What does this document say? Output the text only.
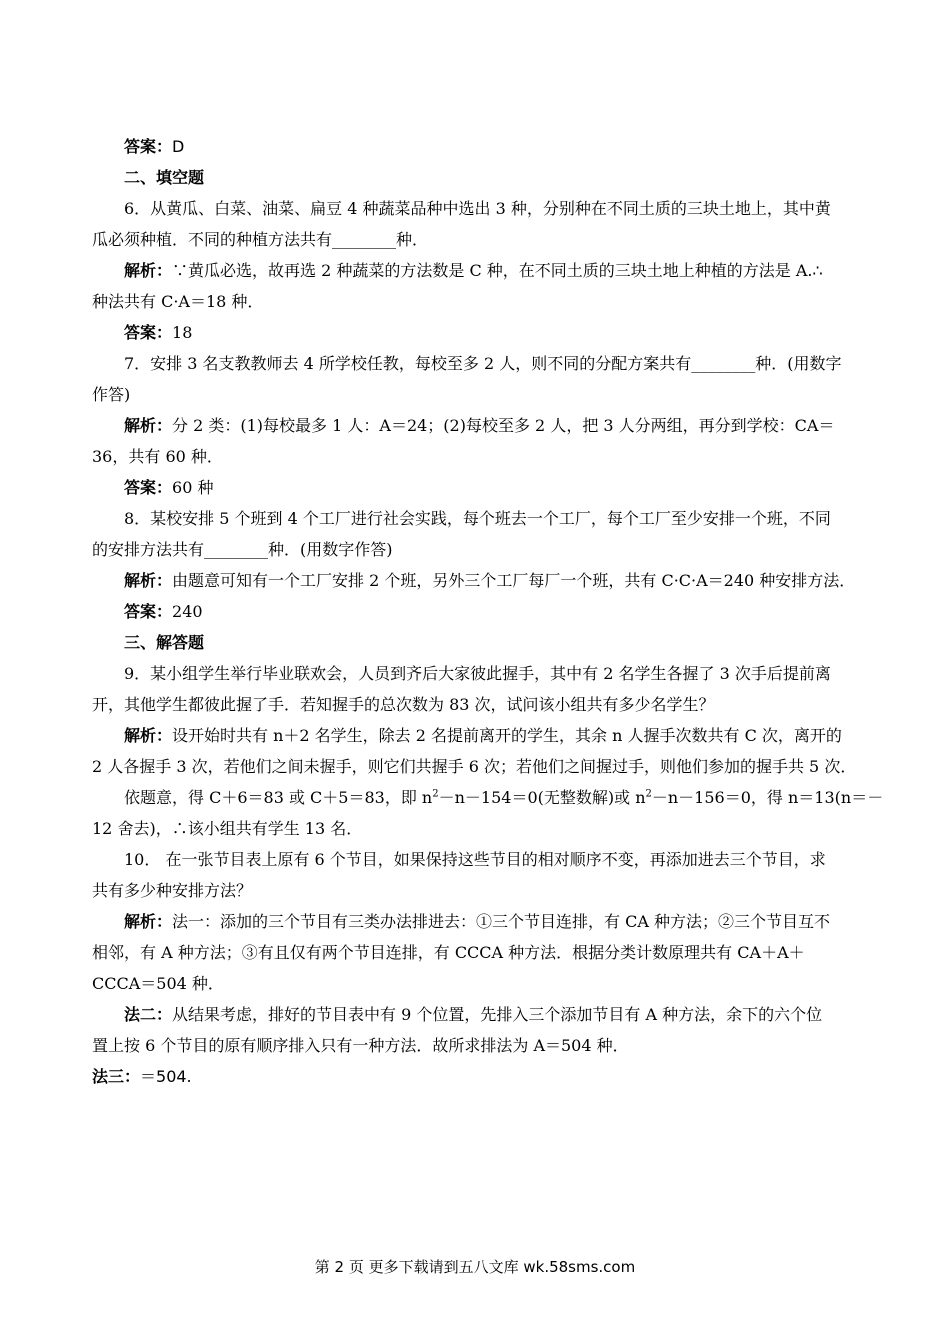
答案：D
二、填空题
6．从黄瓜、白菜、油菜、扁豆 4 种蔬菜品种中选出 3 种，分别种在不同土质的三块土地上，其中黄
瓜必须种植．不同的种植方法共有________种．
解析：∵黄瓜必选，故再选 2 种蔬菜的方法数是 C 种，在不同土质的三块土地上种植的方法是 A.∴
种法共有 C·A＝18 种．
答案：18
7．安排 3 名支教教师去 4 所学校任教，每校至多 2 人，则不同的分配方案共有________种．(用数字
作答)
解析：分 2 类：(1)每校最多 1 人：A＝24；(2)每校至多 2 人，把 3 人分两组，再分到学校：CA＝
36，共有 60 种．
答案：60 种
8．某校安排 5 个班到 4 个工厂进行社会实践，每个班去一个工厂，每个工厂至少安排一个班，不同
的安排方法共有________种．(用数字作答)
解析：由题意可知有一个工厂安排 2 个班，另外三个工厂每厂一个班，共有 C·C·A＝240 种安排方法．
答案：240
三、解答题
9．某小组学生举行毕业联欢会，人员到齐后大家彼此握手，其中有 2 名学生各握了 3 次手后提前离
开，其他学生都彼此握了手．若知握手的总次数为 83 次，试问该小组共有多少名学生？
解析：设开始时共有 n＋2 名学生，除去 2 名提前离开的学生，其余 n 人握手次数共有 C 次，离开的
2 人各握手 3 次，若他们之间未握手，则它们共握手 6 次；若他们之间握过手，则他们参加的握手共 5 次．
依题意，得 C＋6＝83 或 C＋5＝83，即 $n^2-n-154=0$(无整数解)或 $n^2-n-156=0$，得 n＝13(n＝－
12 舍去)，∴该小组共有学生 13 名．
10． 在一张节目表上原有 6 个节目，如果保持这些节目的相对顺序不变，再添加进去三个节目，求
共有多少种安排方法？
解析：法一：添加的三个节目有三类办法排进去：①三个节目连排，有 CA 种方法；②三个节目互不
相邻，有 A 种方法；③有且仅有两个节目连排，有 CCCA 种方法．根据分类计数原理共有 CA＋A＋
CCCA＝504 种．
法二：从结果考虑，排好的节目表中有 9 个位置，先排入三个添加节目有 A 种方法，余下的六个位
置上按 6 个节目的原有顺序排入只有一种方法．故所求排法为 A＝504 种．
法三：＝504.
第 2 页 更多下载请到五八文库 wk.58sms.com
